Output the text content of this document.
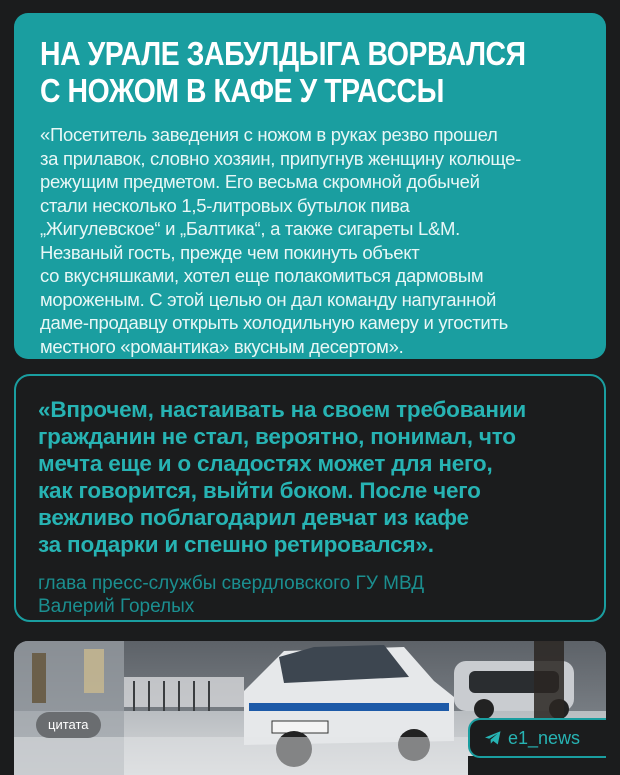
НА УРАЛЕ ЗАБУЛДЫГА ВОРВАЛСЯ
С НОЖОМ В КАФЕ У ТРАССЫ
«Посетитель заведения с ножом в руках резво прошел
за прилавок, словно хозяин, припугнув женщину колюще-
режущим предметом. Его весьма скромной добычей
стали несколько 1,5-литровых бутылок пива
„Жигулевское“ и „Балтика“, а также сигареты L&M.
Незваный гость, прежде чем покинуть объект
со вкусняшками, хотел еще полакомиться дармовым
мороженым. С этой целью он дал команду напуганной
даме-продавцу открыть холодильную камеру и угостить
местного «романтика» вкусным десертом».
«Впрочем, настаивать на своем требовании
гражданин не стал, вероятно, понимал, что
мечта еще и о сладостях может для него,
как говорится, выйти боком. После чего
вежливо поблагодарил девчат из кафе
за подарки и спешно ретировался».
глава пресс-службы свердловского ГУ МВД
Валерий Горелых
цитата
e1_news
